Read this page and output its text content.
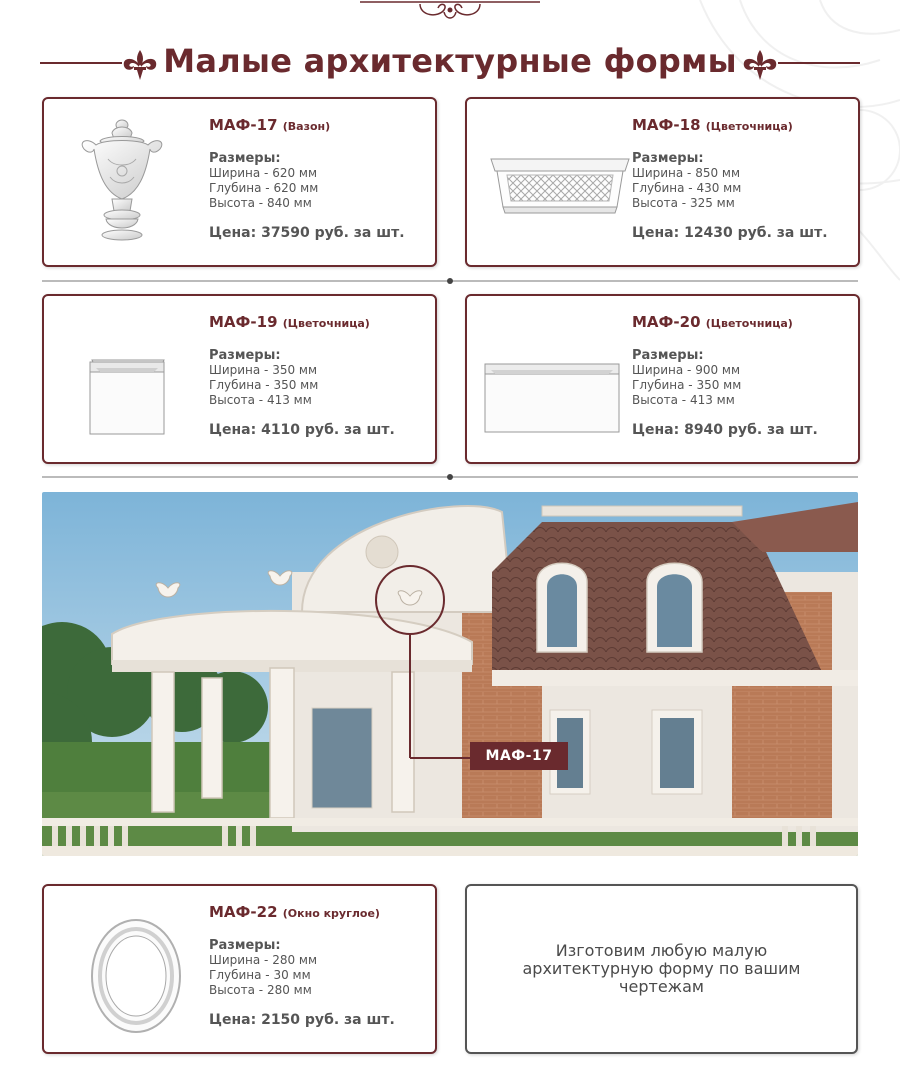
Малые архитектурные формы
МАФ-17 (Вазон)
Размеры:
Ширина - 620 мм
Глубина - 620 мм
Высота - 840 мм
Цена: 37590 руб. за шт.
МАФ-18 (Цветочница)
Размеры:
Ширина - 850 мм
Глубина - 430 мм
Высота - 325 мм
Цена: 12430 руб. за шт.
МАФ-19 (Цветочница)
Размеры:
Ширина - 350 мм
Глубина - 350 мм
Высота - 413 мм
Цена: 4110 руб. за шт.
МАФ-20 (Цветочница)
Размеры:
Ширина - 900 мм
Глубина - 350 мм
Высота - 413 мм
Цена: 8940 руб. за шт.
МАФ-17
МАФ-22 (Окно круглое)
Размеры:
Ширина - 280 мм
Глубина - 30 мм
Высота - 280 мм
Цена: 2150 руб. за шт.
Изготовим любую малую архитектурную форму по вашим чертежам
